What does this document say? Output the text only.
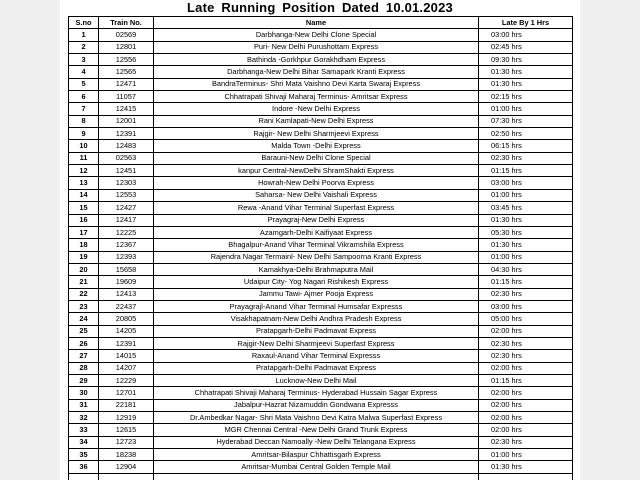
Late Running Position Dated 10.01.2023
S.no	Train No.	Name	Late By 1 Hrs
1	02569	Darbhanga-New Delhi Clone Special	03:00 hrs
2	12801	Puri- New Delhi Purushottam Express	02:45 hrs
3	12556	Bathinda -Gorkhpur Gorakhdham Express	09:30 hrs
4	12565	Darbhanga-New Delhi Bihar Samapark Kranti Express	01:30 hrs
5	12471	BandraTerminus- Shri Mata Vaishno Devi Karta Swaraj Express	01:30 hrs
6	11057	Chhatrapati Shivaji Maharaj Terminus- Amritsar Express	02:15 hrs
7	12415	Indore -New Delhi Express	01:00 hrs
8	12001	Rani Kamlapati-New Delhi Express	07:30 hrs
9	12391	Rajgir- New Delhi Sharmjeevi Express	02:50 hrs
10	12483	Malda Town -Delhi Express	06:15 hrs
11	02563	Barauni-New Delhi Clone Special	02:30 hrs
12	12451	kanpur Central-NewDelhi ShramShakti Express	01:15 hrs
13	12303	Howrah-New Delhi Poorva Express	03:00 hrs
14	12553	Saharsa- New Delhi Vaishali Express	01:00 hrs
15	12427	Rewa -Anand Vihar Terminal Superfast Express	03:45 hrs
16	12417	Prayagraj-New Delhi Express	01:30 hrs
17	12225	Azamgarh-Delhi Kaifiyaat Express	05:30 hrs
18	12367	Bhagalpur-Anand Vihar Terminal Vikramshila Express	01:30 hrs
19	12393	Rajendra Nagar Termainl- New Delhi Sampoorna Kranti Express	01:00 hrs
20	15658	Kamakhya-Delhi Brahmaputra Mail	04:30 hrs
21	19609	Udaipur City- Yog Nagari Rishikesh Express	01:15 hrs
22	12413	Jammu Tawi- Ajmer Pooja Express	02:30 hrs
23	22437	Prayagrajl-Anand Vihar Terminal Humsafar Expresss	03:00 hrs
24	20805	Visakhapatnam-New Delhi Andhra Pradesh Express	05:00 hrs
25	14205	Pratapgarh-Delhi Padmavat Express	02:00 hrs
26	12391	Rajgir-New Delhi Sharmjeevi Superfast Express	02:30 hrs
27	14015	Raxaul-Anand Vihar Terminal Expresss	02:30 hrs
28	14207	Pratapgarh-Delhi Padmavat Express	02:00 hrs
29	12229	Lucknow-New Delhi Mail	01:15 hrs
30	12701	Chhatrapati Shivaji Maharaj Terminus- Hyderabad Hussain Sagar Express	02:00 hrs
31	22181	Jabalpur-Hazrat Nizamuddin Gondwana Expresss	02:00 hrs
32	12919	Dr.Ambedkar Nagar- Shri Mata Vaishno Devi Katra Malwa Superfast Express	02:00 hrs
33	12615	MGR Chennai Central -New Delhi Grand Trunk Express	02:00 hrs
34	12723	Hyderabad Deccan Namoally -New Delhi Telangana Express	02:30 hrs
35	18238	Amritsar-Bilaspur Chhattisgarh Express	01:00 hrs
36	12904	Amritsar-Mumbai Central Golden Temple Mail	01:30 hrs
